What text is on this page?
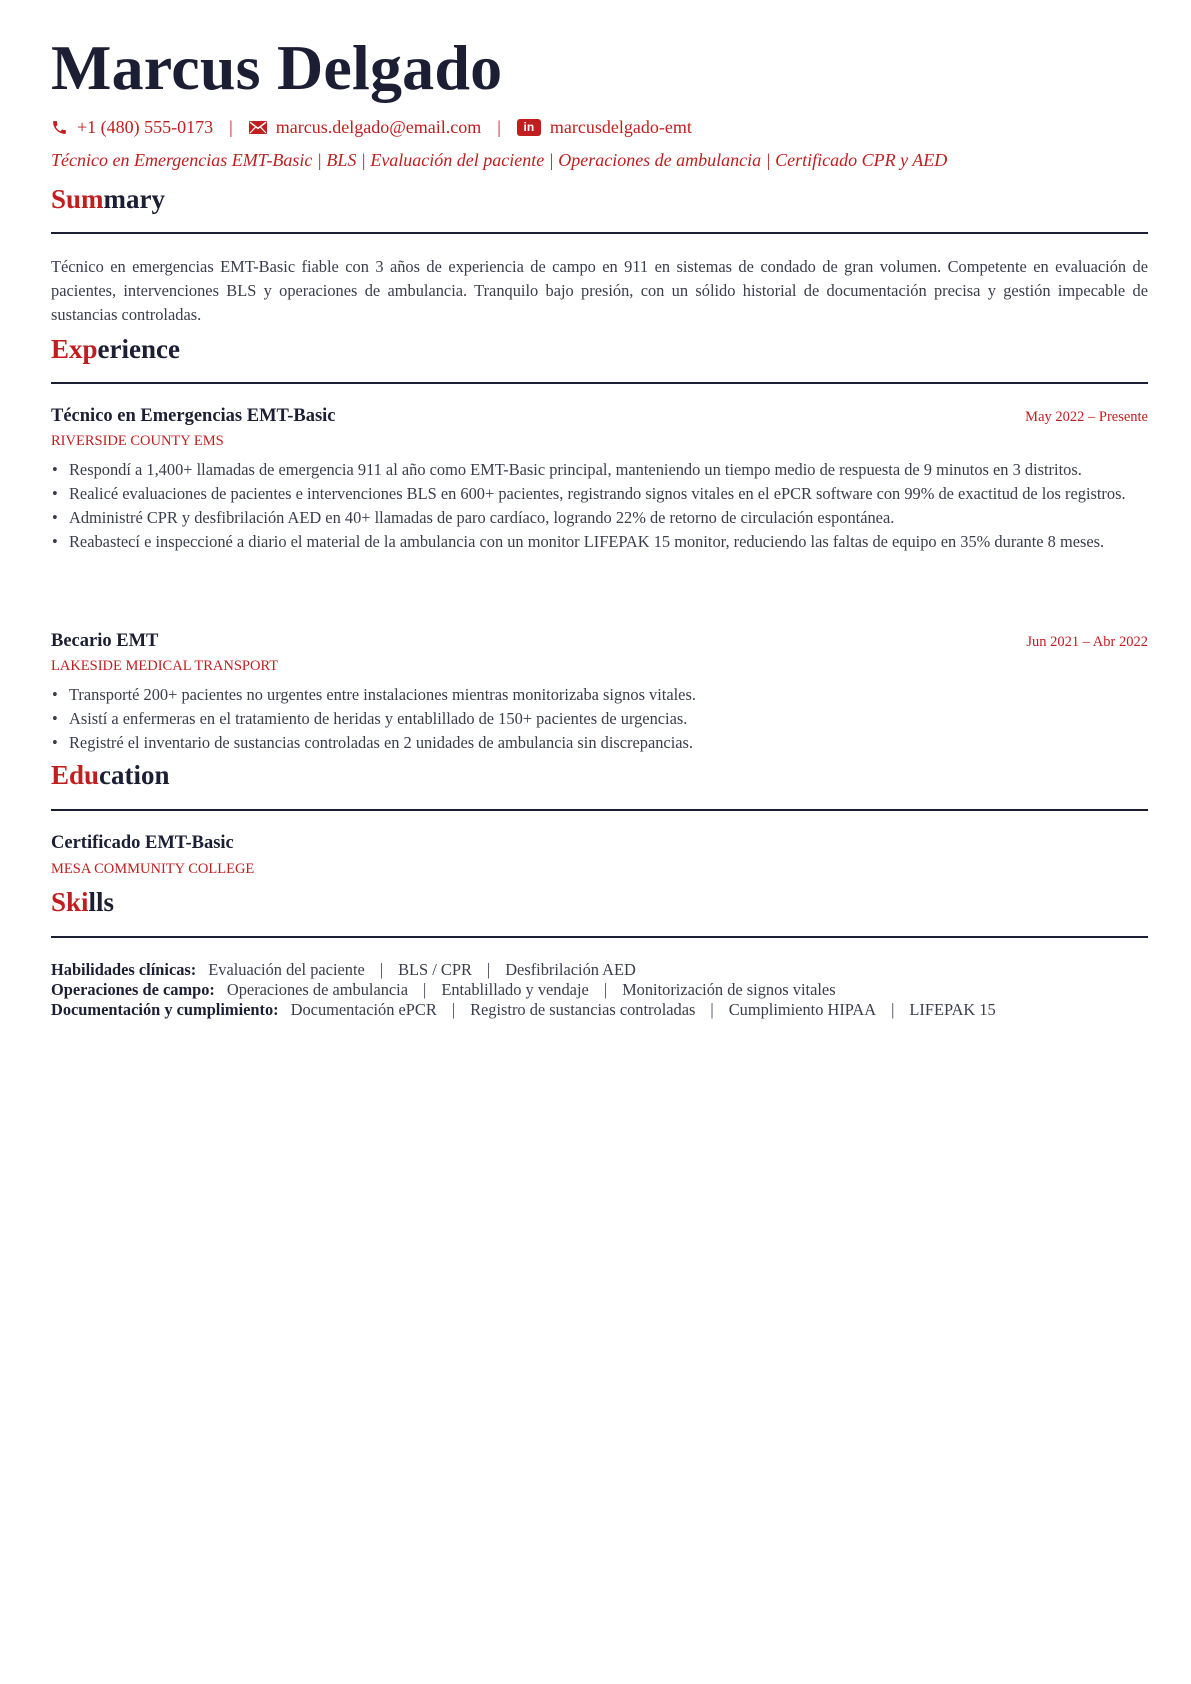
Marcus Delgado
+1 (480) 555-0173 | marcus.delgado@email.com |	in marcusdelgado-emt
Técnico en Emergencias EMT-Basic | BLS | Evaluación del paciente | Operaciones de ambulancia | Certificado CPR y AED
Summary
Técnico en emergencias EMT-Basic fiable con 3 años de experiencia de campo en 911 en sistemas de condado de gran volumen. Competente en evaluación de pacientes, intervenciones BLS y operaciones de ambulancia. Tranquilo bajo presión, con un sólido historial de documentación precisa y gestión impecable de sustancias controladas.
Experience
Técnico en Emergencias EMT-Basic	May 2022 – Presente
RIVERSIDE COUNTY EMS
• Respondí a 1,400+ llamadas de emergencia 911 al año como EMT-Basic principal, manteniendo un tiempo medio de respuesta de 9 minutos en 3 distritos.
• Realicé evaluaciones de pacientes e intervenciones BLS en 600+ pacientes, registrando signos vitales en el ePCR software con 99% de exactitud de los registros.
• Administré CPR y desfibrilación AED en 40+ llamadas de paro cardíaco, logrando 22% de retorno de circulación espontánea.
• Reabastecí e inspeccioné a diario el material de la ambulancia con un monitor LIFEPAK 15 monitor, reduciendo las faltas de equipo en 35% durante 8 meses.
Becario EMT	Jun 2021 – Abr 2022
LAKESIDE MEDICAL TRANSPORT
• Transporté 200+ pacientes no urgentes entre instalaciones mientras monitorizaba signos vitales.
• Asistí a enfermeras en el tratamiento de heridas y entablillado de 150+ pacientes de urgencias.
• Registré el inventario de sustancias controladas en 2 unidades de ambulancia sin discrepancias.
Education
Certificado EMT-Basic
MESA COMMUNITY COLLEGE
Skills
Habilidades clínicas: Evaluación del paciente | BLS / CPR | Desfibrilación AED
Operaciones de campo: Operaciones de ambulancia | Entablillado y vendaje | Monitorización de signos vitales
Documentación y cumplimiento: Documentación ePCR | Registro de sustancias controladas | Cumplimiento HIPAA | LIFEPAK 15
